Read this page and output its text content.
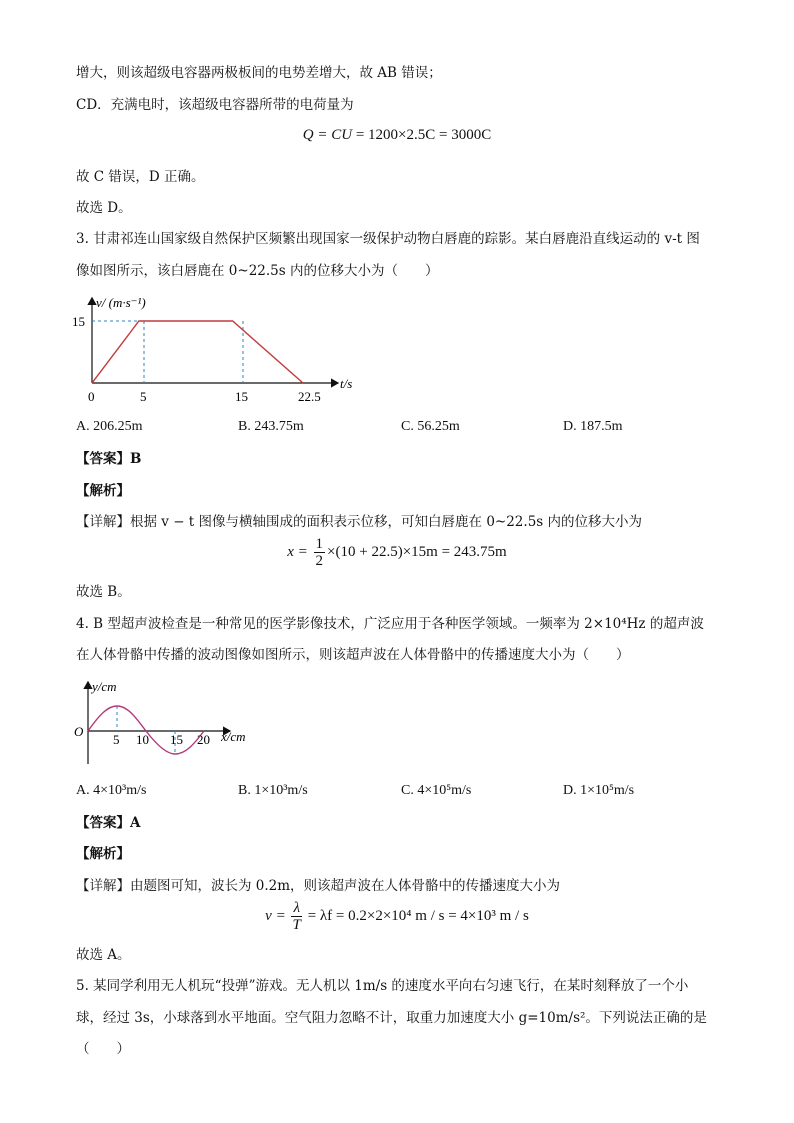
增大，则该超级电容器两极板间的电势差增大，故 AB 错误；
CD．充满电时，该超级电容器所带的电荷量为
Q = CU = 1200×2.5C = 3000C
故 C 错误，D 正确。
故选 D。
3. 甘肃祁连山国家级自然保护区频繁出现国家一级保护动物白唇鹿的踪影。某白唇鹿沿直线运动的 v-t 图
像如图所示，该白唇鹿在 0~22.5s 内的位移大小为（　　）
v/ (m·s⁻¹)
t/s
15
0	5	15	22.5
A. 206.25m	B. 243.75m	C. 56.25m	D. 187.5m
【答案】B
【解析】
【详解】根据 v − t 图像与横轴围成的面积表示位移，可知白唇鹿在 0~22.5s 内的位移大小为
$x = \frac{1}{2} \times(10 + 22.5)\times 15m = 243.75m$
故选 B。
4. B 型超声波检查是一种常见的医学影像技术，广泛应用于各种医学领域。一频率为 2×10⁴Hz 的超声波
在人体骨骼中传播的波动图像如图所示，则该超声波在人体骨骼中的传播速度大小为（　　）
y/cm
x/cm
O
5 10 15 20
A. 4×10³m/s	B. 1×10³m/s	C. 4×10⁵m/s	D. 1×10⁵m/s
【答案】A
【解析】
【详解】由题图可知，波长为 0.2m，则该超声波在人体骨骼中的传播速度大小为
$v = \frac{\lambda}{T} = \lambda f = 0.2\times 2\times 10^4$ m / s = 4×10³ m / s
故选 A。
5. 某同学利用无人机玩“投弹”游戏。无人机以 1m/s 的速度水平向右匀速飞行，在某时刻释放了一个小
球，经过 3s，小球落到水平地面。空气阻力忽略不计，取重力加速度大小 g=10m/s²。下列说法正确的是
（　　）
